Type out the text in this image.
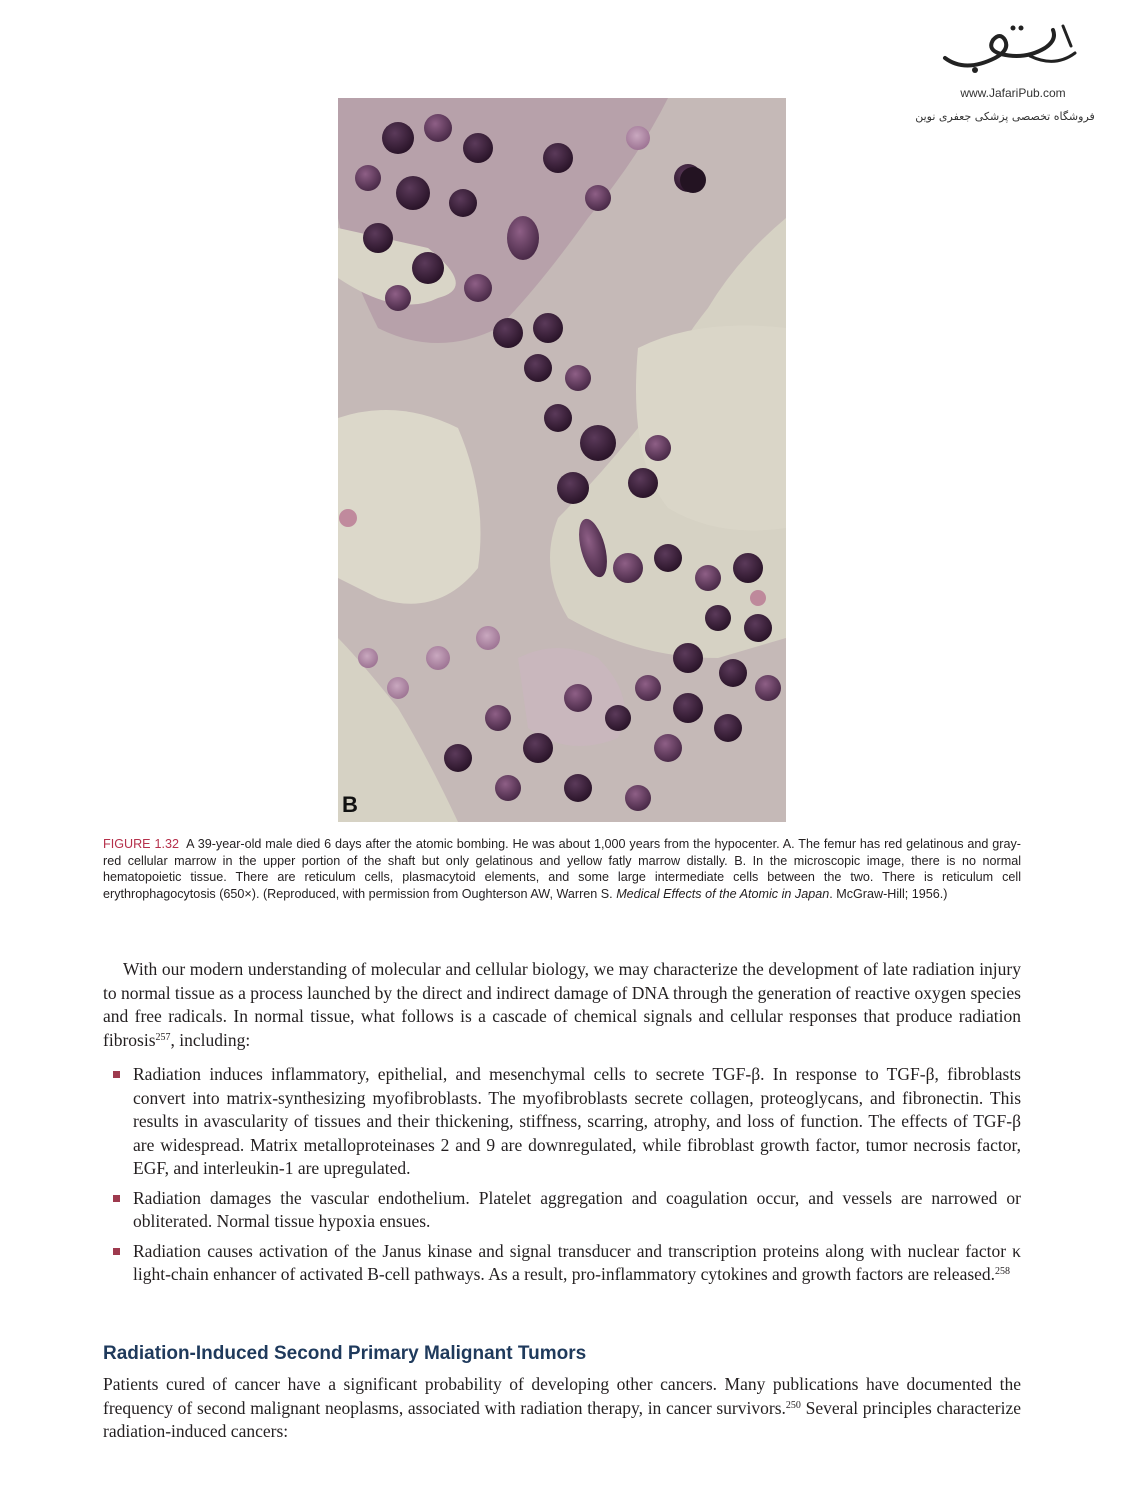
www.JafariPub.com
فروشگاه تخصصی پزشکی جعفری نوین
B
FIGURE 1.32 A 39-year-old male died 6 days after the atomic bombing. He was about 1,000 years from the hypocenter. A. The femur has red gelatinous and gray-red cellular marrow in the upper portion of the shaft but only gelatinous and yellow fatly marrow distally. B. In the microscopic image, there is no normal hematopoietic tissue. There are reticulum cells, plasmacytoid elements, and some large intermediate cells between the two. There is reticulum cell erythrophagocytosis (650×). (Reproduced, with permission from Oughterson AW, Warren S. Medical Effects of the Atomic in Japan. McGraw-Hill; 1956.)
With our modern understanding of molecular and cellular biology, we may characterize the development of late radiation injury to normal tissue as a process launched by the direct and indirect damage of DNA through the generation of reactive oxygen species and free radicals. In normal tissue, what follows is a cascade of chemical signals and cellular responses that produce radiation fibrosis$^{257}$, including:
Radiation induces inflammatory, epithelial, and mesenchymal cells to secrete TGF-β. In response to TGF-β, fibroblasts convert into matrix-synthesizing myofibroblasts. The myofibroblasts secrete collagen, proteoglycans, and fibronectin. This results in avascularity of tissues and their thickening, stiffness, scarring, atrophy, and loss of function. The effects of TGF-β are widespread. Matrix metalloproteinases 2 and 9 are downregulated, while fibroblast growth factor, tumor necrosis factor, EGF, and interleukin-1 are upregulated.
Radiation damages the vascular endothelium. Platelet aggregation and coagulation occur, and vessels are narrowed or obliterated. Normal tissue hypoxia ensues.
Radiation causes activation of the Janus kinase and signal transducer and transcription proteins along with nuclear factor κ light-chain enhancer of activated B-cell pathways. As a result, pro-inflammatory cytokines and growth factors are released.$^{258}$
Radiation-Induced Second Primary Malignant Tumors
Patients cured of cancer have a significant probability of developing other cancers. Many publications have documented the frequency of second malignant neoplasms, associated with radiation therapy, in cancer survivors.$^{250}$ Several principles characterize radiation-induced cancers:
